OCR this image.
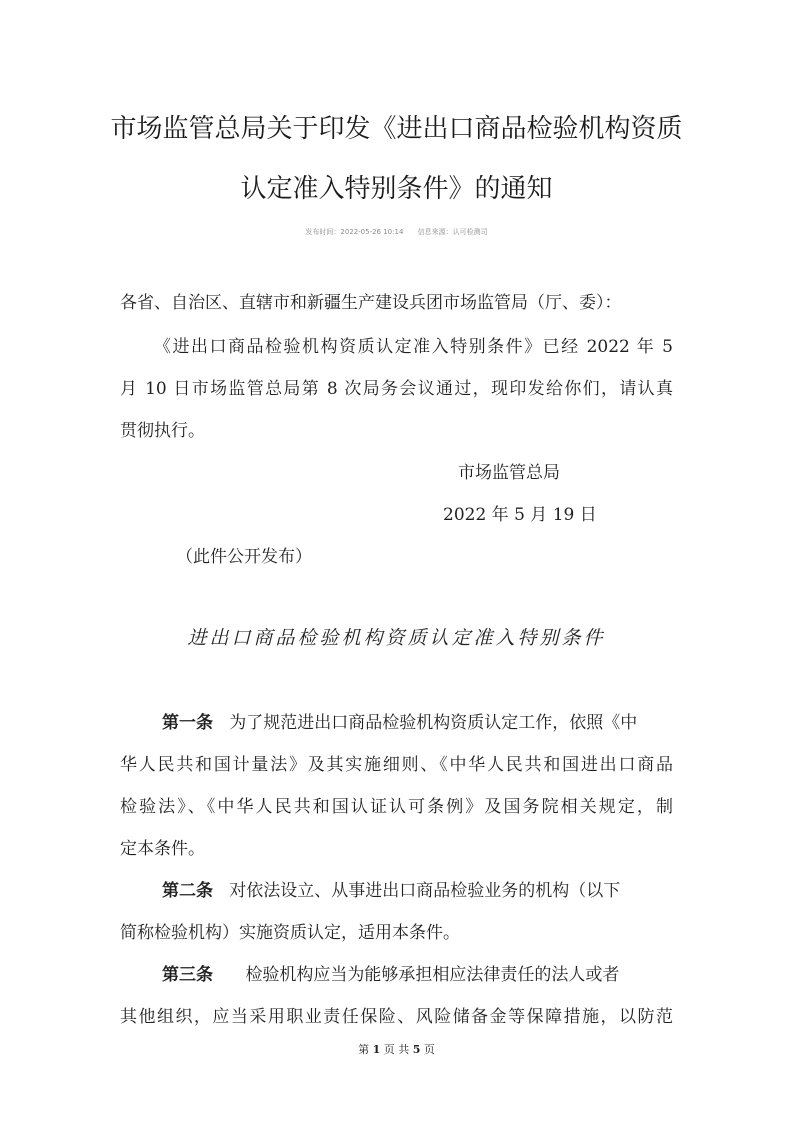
市场监管总局关于印发《进出口商品检验机构资质
认定准入特别条件》的通知
发布时间：2022-05-26 10:14 信息来源：认可检测司
各省、自治区、直辖市和新疆生产建设兵团市场监管局（厅、委）：
《进出口商品检验机构资质认定准入特别条件》已经 2022 年 5
月 10 日市场监管总局第 8 次局务会议通过，现印发给你们，请认真
贯彻执行。
市场监管总局
2022 年 5 月 19 日
（此件公开发布）
进出口商品检验机构资质认定准入特别条件
第一条 为了规范进出口商品检验机构资质认定工作，依照《中
华人民共和国计量法》及其实施细则、《中华人民共和国进出口商品
检验法》、《中华人民共和国认证认可条例》及国务院相关规定，制
定本条件。
第二条 对依法设立、从事进出口商品检验业务的机构（以下
简称检验机构）实施资质认定，适用本条件。
第三条 检验机构应当为能够承担相应法律责任的法人或者
其他组织，应当采用职业责任保险、风险储备金等保障措施，以防范
第 1 页 共 5 页
